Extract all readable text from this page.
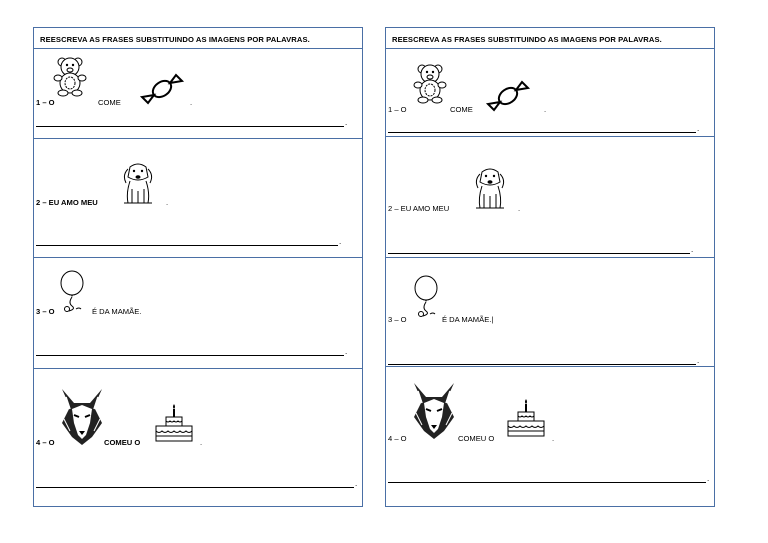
REESCREVA AS FRASES SUBSTITUINDO AS IMAGENS POR PALAVRAS.
1 – O	COME	.
.
2 – EU AMO MEU	.
.
3 – O	É DA MAMÃE.
.
4 – O	COMEU O	.
.
REESCREVA AS FRASES SUBSTITUINDO AS IMAGENS POR PALAVRAS.
1 – O	COME	.
.
2 – EU AMO MEU	.
.
3 – O	É DA MAMÃE.|
.
4 – O	COMEU O	.
.
